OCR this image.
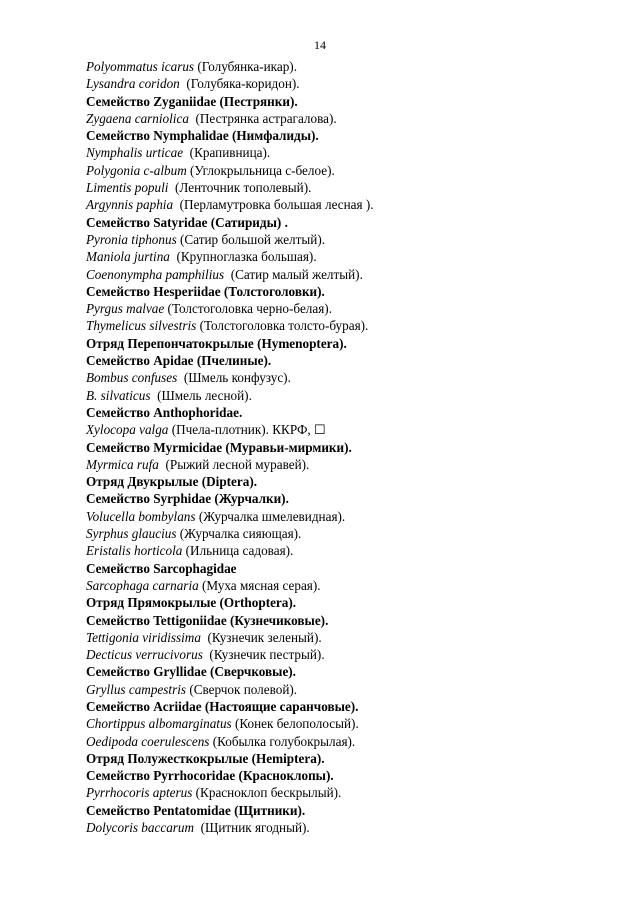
14
Polyommatus icarus (Голубянка-икар).
Lysandra coridon  (Голубяка-коридон).
Семейство Zyganiidae (Пестрянки).
Zygaena carniolica  (Пестрянка астрагалова).
Семейство Nymphalidae (Нимфалиды).
Nymphalis urticae  (Крапивница).
Polygonia c-album (Углокрыльница с-белое).
Limentis populi  (Ленточник тополевый).
Argynnis paphia  (Перламутровка большая лесная ).
Семейство Satyridae (Сатириды) .
Pyronia tiphonus (Сатир большой желтый).
Maniola jurtina  (Крупноглазка большая).
Coenonympha pamphilius  (Сатир малый желтый).
Семейство Hesperiidae (Толстоголовки).
Pyrgus malvae (Толстоголовка черно-белая).
Thymelicus silvestris (Толстоголовка толсто-бурая).
Отряд Перепончатокрылые (Hymenoptera).
Семейство Apidae (Пчелиные).
Bombus confuses  (Шмель конфузус).
B. silvaticus  (Шмель лесной).
Семейство Anthophoridae.
Xylocopa valga (Пчела-плотник). ККРФ, ☐
Семейство Myrmicidae (Муравьи-мирмики).
Myrmica rufa  (Рыжий лесной муравей).
Отряд Двукрылые (Diptera).
Семейство Syrphidae (Журчалки).
Volucella bombylans (Журчалка шмелевидная).
Syrphus glaucius (Журчалка сияющая).
Eristalis horticola (Ильница садовая).
Семейство Sarcophagidae
Sarcophaga carnaria (Муха мясная серая).
Отряд Прямокрылые (Orthoptera).
Семейство Tettigoniidae (Кузнечиковые).
Tettigonia viridissima  (Кузнечик зеленый).
Decticus verrucivorus  (Кузнечик пестрый).
Семейство Gryllidae (Сверчковые).
Gryllus campestris (Сверчок полевой).
Семейство Acriidae (Настоящие саранчовые).
Chortippus albomarginatus (Конек белополосый).
Oedipoda coerulescens (Кобылка голубокрылая).
Отряд Полужесткокрылые (Hemiptera).
Семейство Pyrrhocoridae (Красноклопы).
Pyrrhocoris apterus (Красноклоп бескрылый).
Семейство Pentatomidae (Щитники).
Dolycoris baccarum  (Щитник ягодный).
